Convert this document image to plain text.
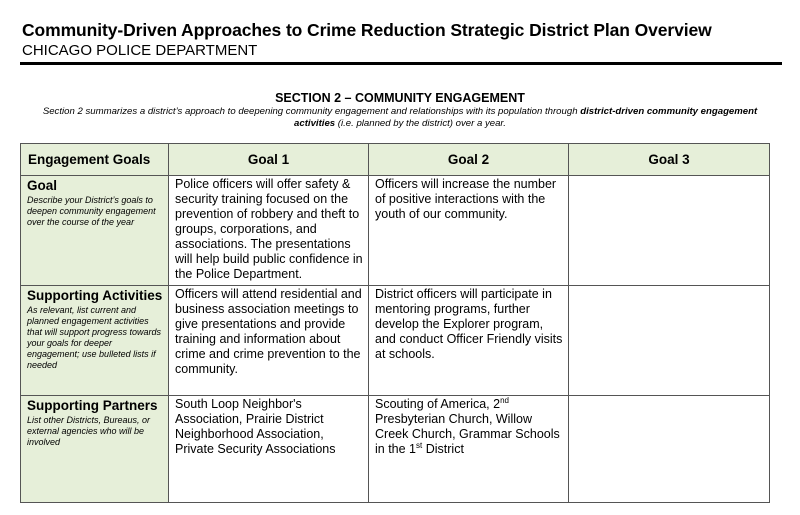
Community-Driven Approaches to Crime Reduction Strategic District Plan Overview
CHICAGO POLICE DEPARTMENT
SECTION 2 – COMMUNITY ENGAGEMENT
Section 2 summarizes a district’s approach to deepening community engagement and relationships with its population through district-driven community engagement activities (i.e. planned by the district) over a year.
Engagement Goals	Goal 1	Goal 2	Goal 3

Goal
Describe your District’s goals to deepen community engagement over the course of the year	Police officers will offer safety & security training focused on the prevention of robbery and theft to groups, corporations, and associations. The presentations will help build public confidence in the Police Department.	Officers will increase the number of positive interactions with the youth of our community.	

Supporting Activities
As relevant, list current and planned engagement activities that will support progress towards your goals for deeper engagement; use bulleted lists if needed	Officers will attend residential and business association meetings to give presentations and provide training and information about crime and crime prevention to the community.	District officers will participate in mentoring programs, further develop the Explorer program, and conduct Officer Friendly visits at schools.	

Supporting Partners
List other Districts, Bureaus, or external agencies who will be involved	South Loop Neighbor's Association, Prairie District Neighborhood Association, Private Security Associations	Scouting of America, 2nd Presbyterian Church, Willow Creek Church, Grammar Schools in the 1st District	
